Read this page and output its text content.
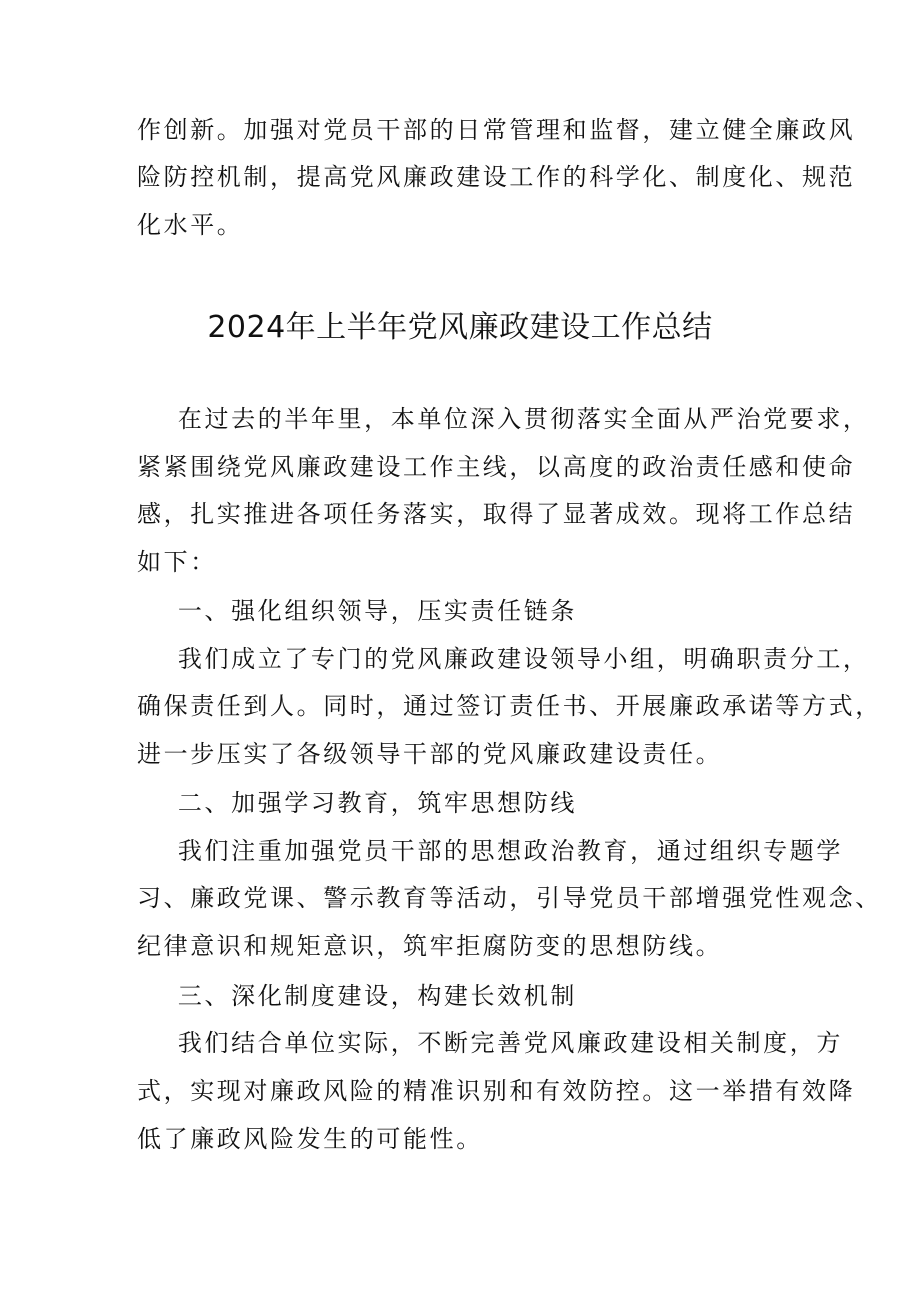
作创新。加强对党员干部的日常管理和监督，建立健全廉政风
险防控机制，提高党风廉政建设工作的科学化、制度化、规范
化水平。
2024年上半年党风廉政建设工作总结
在过去的半年里，本单位深入贯彻落实全面从严治党要求，
紧紧围绕党风廉政建设工作主线，以高度的政治责任感和使命
感，扎实推进各项任务落实，取得了显著成效。现将工作总结
如下：
一、强化组织领导，压实责任链条
我们成立了专门的党风廉政建设领导小组，明确职责分工，
确保责任到人。同时，通过签订责任书、开展廉政承诺等方式，
进一步压实了各级领导干部的党风廉政建设责任。
二、加强学习教育，筑牢思想防线
我们注重加强党员干部的思想政治教育，通过组织专题学
习、廉政党课、警示教育等活动，引导党员干部增强党性观念、
纪律意识和规矩意识，筑牢拒腐防变的思想防线。
三、深化制度建设，构建长效机制
我们结合单位实际，不断完善党风廉政建设相关制度，方
式，实现对廉政风险的精准识别和有效防控。这一举措有效降
低了廉政风险发生的可能性。
